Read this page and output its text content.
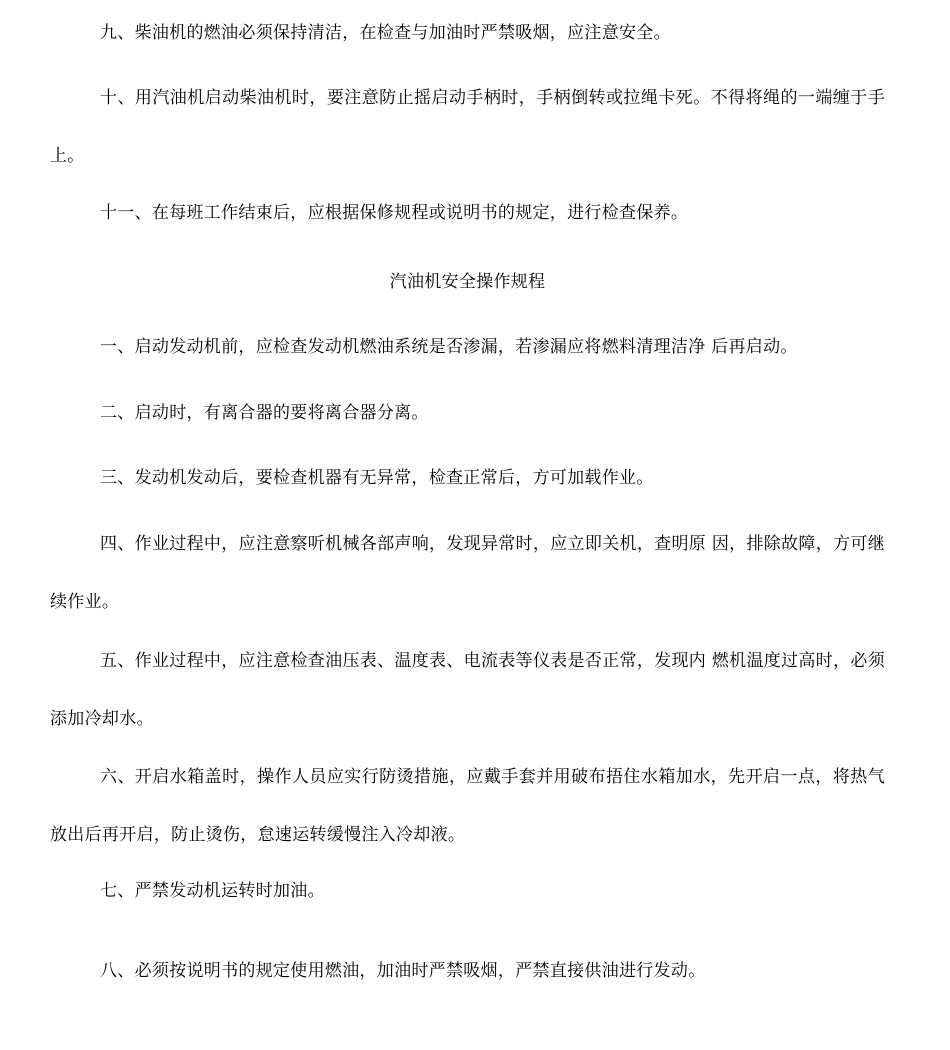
九、柴油机的燃油必须保持清洁，在检查与加油时严禁吸烟，应注意安全。

十、用汽油机启动柴油机时，要注意防止摇启动手柄时，手柄倒转或拉绳卡死。不得将绳的一端缠于手上。

十一、在每班工作结束后，应根据保修规程或说明书的规定，进行检查保养。

汽油机安全操作规程

一、启动发动机前，应检查发动机燃油系统是否渗漏，若渗漏应将燃料清理洁净 后再启动。

二、启动时，有离合器的要将离合器分离。

三、发动机发动后，要检查机器有无异常，检查正常后，方可加载作业。

四、作业过程中，应注意察听机械各部声响，发现异常时，应立即关机，查明原 因，排除故障，方可继续作业。

五、作业过程中，应注意检查油压表、温度表、电流表等仪表是否正常，发现内 燃机温度过高时，必须添加冷却水。

六、开启水箱盖时，操作人员应实行防烫措施，应戴手套并用破布捂住水箱加水，先开启一点，将热气放出后再开启，防止烫伤，怠速运转缓慢注入冷却液。

七、严禁发动机运转时加油。

八、必须按说明书的规定使用燃油，加油时严禁吸烟，严禁直接供油进行发动。
